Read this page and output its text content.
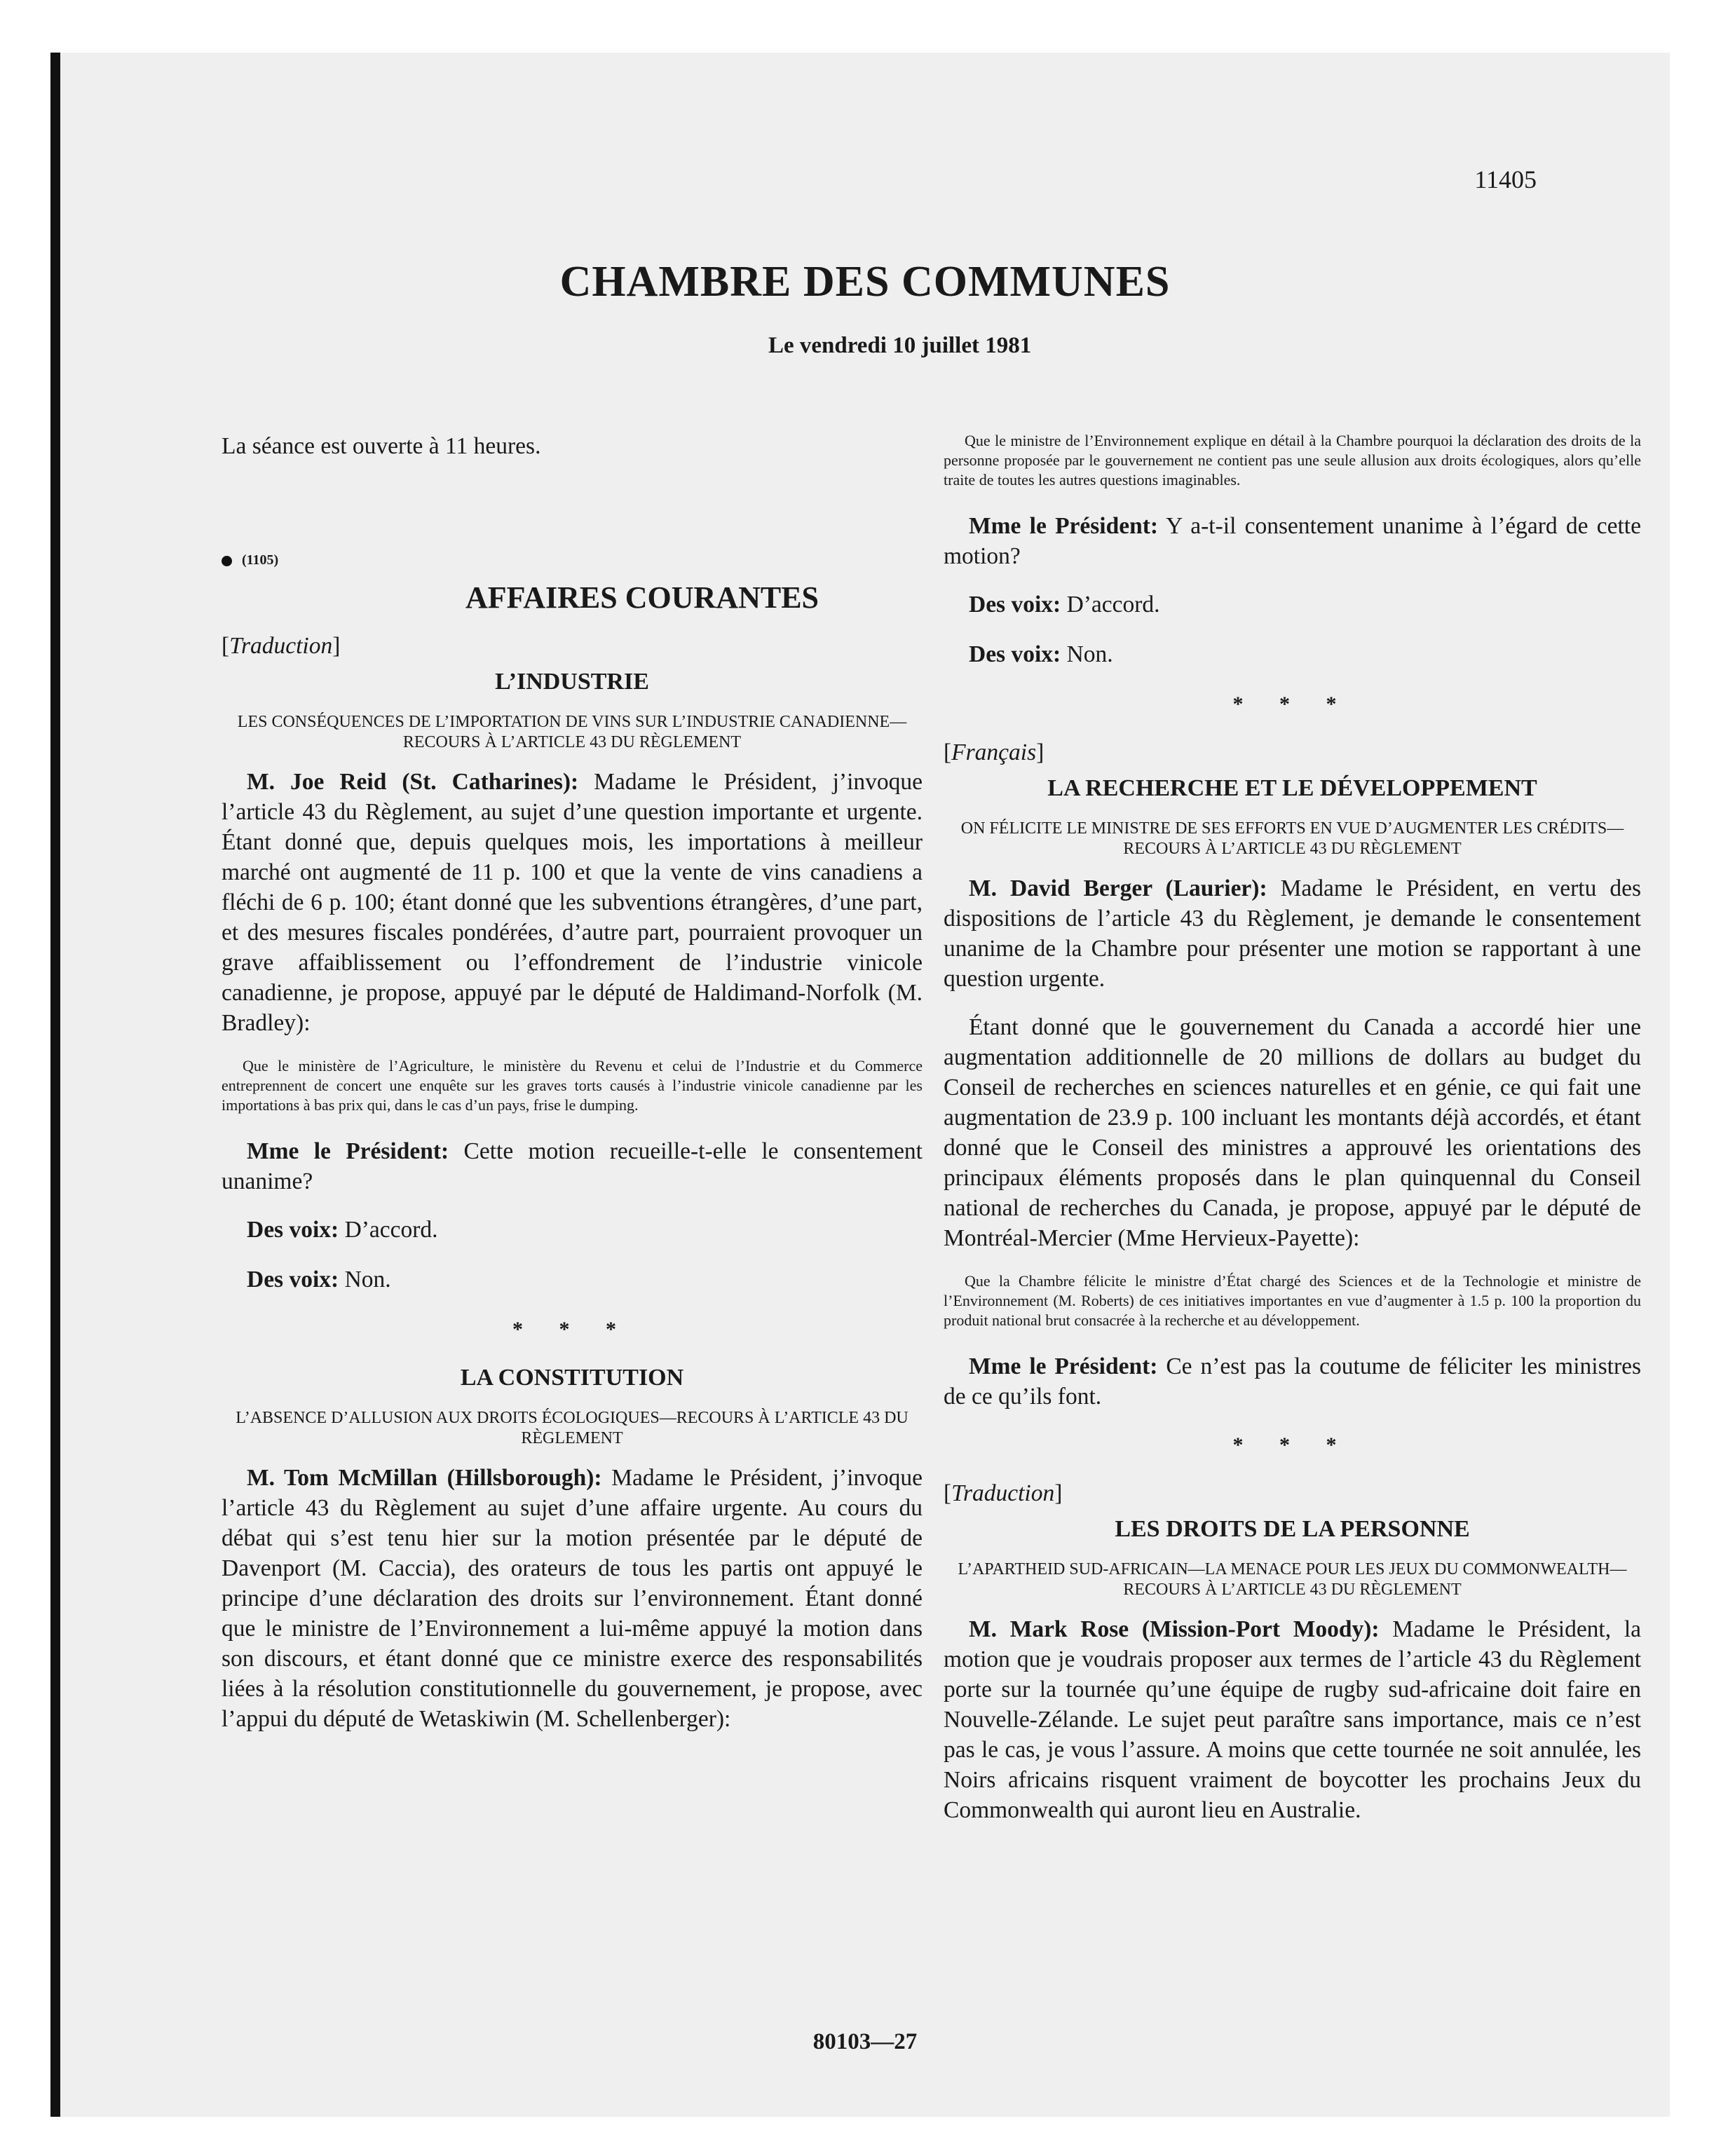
11405
CHAMBRE DES COMMUNES
Le vendredi 10 juillet 1981

La séance est ouverte à 11 heures.

(1105)
AFFAIRES COURANTES
[Traduction]
L’INDUSTRIE
LES CONSÉQUENCES DE L’IMPORTATION DE VINS SUR L’INDUSTRIE CANADIENNE—RECOURS À L’ARTICLE 43 DU RÈGLEMENT

M. Joe Reid (St. Catharines): Madame le Président, j’invoque l’article 43 du Règlement, au sujet d’une question importante et urgente. Étant donné que, depuis quelques mois, les importations à meilleur marché ont augmenté de 11 p. 100 et que la vente de vins canadiens a fléchi de 6 p. 100; étant donné que les subventions étrangères, d’une part, et des mesures fiscales pondérées, d’autre part, pourraient provoquer un grave affaiblissement ou l’effondrement de l’industrie vinicole canadienne, je propose, appuyé par le député de Haldimand-Norfolk (M. Bradley):

Que le ministère de l’Agriculture, le ministère du Revenu et celui de l’Industrie et du Commerce entreprennent de concert une enquête sur les graves torts causés à l’industrie vinicole canadienne par les importations à bas prix qui, dans le cas d’un pays, frise le dumping.

Mme le Président: Cette motion recueille-t-elle le consentement unanime?

Des voix: D’accord.

Des voix: Non.

* * *
LA CONSTITUTION
L’ABSENCE D’ALLUSION AUX DROITS ÉCOLOGIQUES—RECOURS À L’ARTICLE 43 DU RÈGLEMENT

M. Tom McMillan (Hillsborough): Madame le Président, j’invoque l’article 43 du Règlement au sujet d’une affaire urgente. Au cours du débat qui s’est tenu hier sur la motion présentée par le député de Davenport (M. Caccia), des orateurs de tous les partis ont appuyé le principe d’une déclaration des droits sur l’environnement. Étant donné que le ministre de l’Environnement a lui-même appuyé la motion dans son discours, et étant donné que ce ministre exerce des responsabilités liées à la résolution constitutionnelle du gouvernement, je propose, avec l’appui du député de Wetaskiwin (M. Schellenberger):

Que le ministre de l’Environnement explique en détail à la Chambre pourquoi la déclaration des droits de la personne proposée par le gouvernement ne contient pas une seule allusion aux droits écologiques, alors qu’elle traite de toutes les autres questions imaginables.

Mme le Président: Y a-t-il consentement unanime à l’égard de cette motion?

Des voix: D’accord.

Des voix: Non.

* * *
[Français]
LA RECHERCHE ET LE DÉVELOPPEMENT
ON FÉLICITE LE MINISTRE DE SES EFFORTS EN VUE D’AUGMENTER LES CRÉDITS—RECOURS À L’ARTICLE 43 DU RÈGLEMENT

M. David Berger (Laurier): Madame le Président, en vertu des dispositions de l’article 43 du Règlement, je demande le consentement unanime de la Chambre pour présenter une motion se rapportant à une question urgente.

Étant donné que le gouvernement du Canada a accordé hier une augmentation additionnelle de 20 millions de dollars au budget du Conseil de recherches en sciences naturelles et en génie, ce qui fait une augmentation de 23.9 p. 100 incluant les montants déjà accordés, et étant donné que le Conseil des ministres a approuvé les orientations des principaux éléments proposés dans le plan quinquennal du Conseil national de recherches du Canada, je propose, appuyé par le député de Montréal-Mercier (Mme Hervieux-Payette):

Que la Chambre félicite le ministre d’État chargé des Sciences et de la Technologie et ministre de l’Environnement (M. Roberts) de ces initiatives importantes en vue d’augmenter à 1.5 p. 100 la proportion du produit national brut consacrée à la recherche et au développement.

Mme le Président: Ce n’est pas la coutume de féliciter les ministres de ce qu’ils font.

* * *
[Traduction]
LES DROITS DE LA PERSONNE
L’APARTHEID SUD-AFRICAIN—LA MENACE POUR LES JEUX DU COMMONWEALTH—RECOURS À L’ARTICLE 43 DU RÈGLEMENT

M. Mark Rose (Mission-Port Moody): Madame le Président, la motion que je voudrais proposer aux termes de l’article 43 du Règlement porte sur la tournée qu’une équipe de rugby sud-africaine doit faire en Nouvelle-Zélande. Le sujet peut paraître sans importance, mais ce n’est pas le cas, je vous l’assure. A moins que cette tournée ne soit annulée, les Noirs africains risquent vraiment de boycotter les prochains Jeux du Commonwealth qui auront lieu en Australie.

80103—27
